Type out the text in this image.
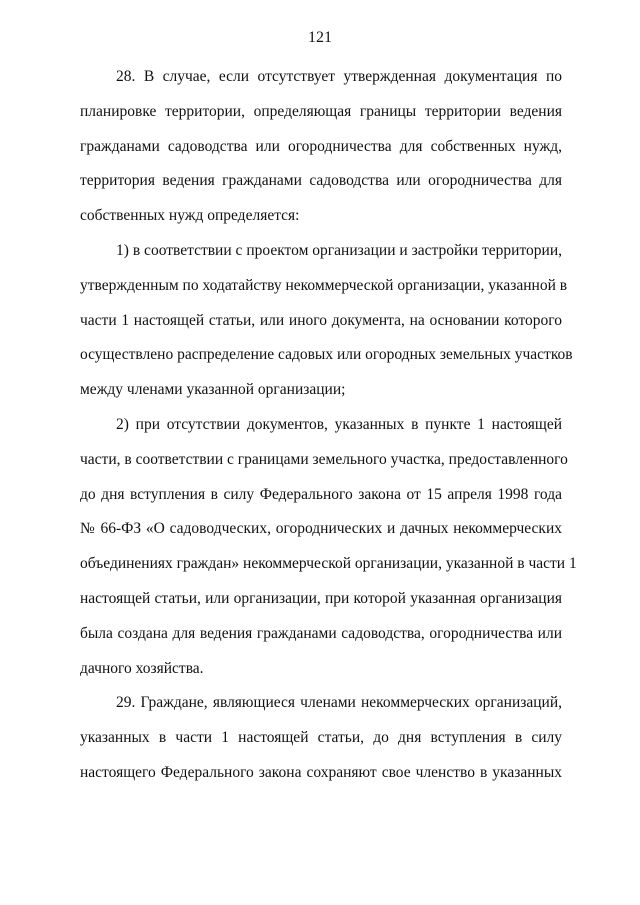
121
28. В случае, если отсутствует утвержденная документация по
планировке территории, определяющая границы территории ведения
гражданами садоводства или огородничества для собственных нужд,
территория ведения гражданами садоводства или огородничества для
собственных нужд определяется:
1) в соответствии с проектом организации и застройки территории,
утвержденным по ходатайству некоммерческой организации, указанной в
части 1 настоящей статьи, или иного документа, на основании которого
осуществлено распределение садовых или огородных земельных участков
между членами указанной организации;
2) при отсутствии документов, указанных в пункте 1 настоящей
части, в соответствии с границами земельного участка, предоставленного
до дня вступления в силу Федерального закона от 15 апреля 1998 года
№ 66-ФЗ «О садоводческих, огороднических и дачных некоммерческих
объединениях граждан» некоммерческой организации, указанной в части 1
настоящей статьи, или организации, при которой указанная организация
была создана для ведения гражданами садоводства, огородничества или
дачного хозяйства.
29. Граждане, являющиеся членами некоммерческих организаций,
указанных в части 1 настоящей статьи, до дня вступления в силу
настоящего Федерального закона сохраняют свое членство в указанных
